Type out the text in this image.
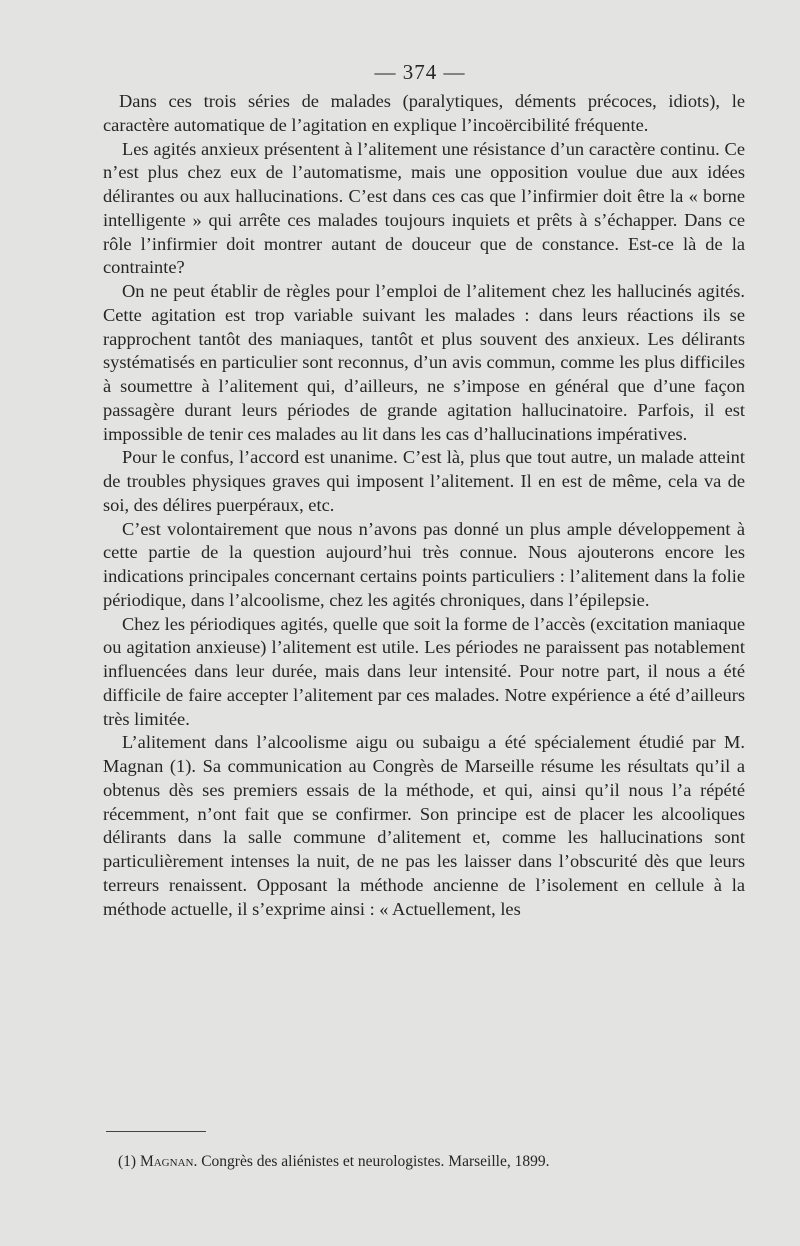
— 374 —

Dans ces trois séries de malades (paralytiques, déments précoces, idiots), le caractère automatique de l’agitation en explique l’incoërcibilité fréquente.

Les agités anxieux présentent à l’alitement une résistance d’un caractère continu. Ce n’est plus chez eux de l’automatisme, mais une opposition voulue due aux idées délirantes ou aux hallucinations. C’est dans ces cas que l’infirmier doit être la « borne intelligente » qui arrête ces malades toujours inquiets et prêts à s’échapper. Dans ce rôle l’infirmier doit montrer autant de douceur que de constance. Est-ce là de la contrainte?

On ne peut établir de règles pour l’emploi de l’alitement chez les hallucinés agités. Cette agitation est trop variable suivant les malades : dans leurs réactions ils se rapprochent tantôt des maniaques, tantôt et plus souvent des anxieux. Les délirants systématisés en particulier sont reconnus, d’un avis commun, comme les plus difficiles à soumettre à l’alitement qui, d’ailleurs, ne s’impose en général que d’une façon passagère durant leurs périodes de grande agitation hallucinatoire. Parfois, il est impossible de tenir ces malades au lit dans les cas d’hallucinations impératives.

Pour le confus, l’accord est unanime. C’est là, plus que tout autre, un malade atteint de troubles physiques graves qui imposent l’alitement. Il en est de même, cela va de soi, des délires puerpéraux, etc.

C’est volontairement que nous n’avons pas donné un plus ample développement à cette partie de la question aujourd’hui très connue. Nous ajouterons encore les indications principales concernant certains points particuliers : l’alitement dans la folie périodique, dans l’alcoolisme, chez les agités chroniques, dans l’épilepsie.

Chez les périodiques agités, quelle que soit la forme de l’accès (excitation maniaque ou agitation anxieuse) l’alitement est utile. Les périodes ne paraissent pas notablement influencées dans leur durée, mais dans leur intensité. Pour notre part, il nous a été difficile de faire accepter l’alitement par ces malades. Notre expérience a été d’ailleurs très limitée.

L’alitement dans l’alcoolisme aigu ou subaigu a été spécialement étudié par M. Magnan (1). Sa communication au Congrès de Marseille résume les résultats qu’il a obtenus dès ses premiers essais de la méthode, et qui, ainsi qu’il nous l’a répété récemment, n’ont fait que se confirmer. Son principe est de placer les alcooliques délirants dans la salle commune d’alitement et, comme les hallucinations sont particulièrement intenses la nuit, de ne pas les laisser dans l’obscurité dès que leurs terreurs renaissent. Opposant la méthode ancienne de l’isolement en cellule à la méthode actuelle, il s’exprime ainsi : « Actuellement, les

(1) Magnan. Congrès des aliénistes et neurologistes. Marseille, 1899.
